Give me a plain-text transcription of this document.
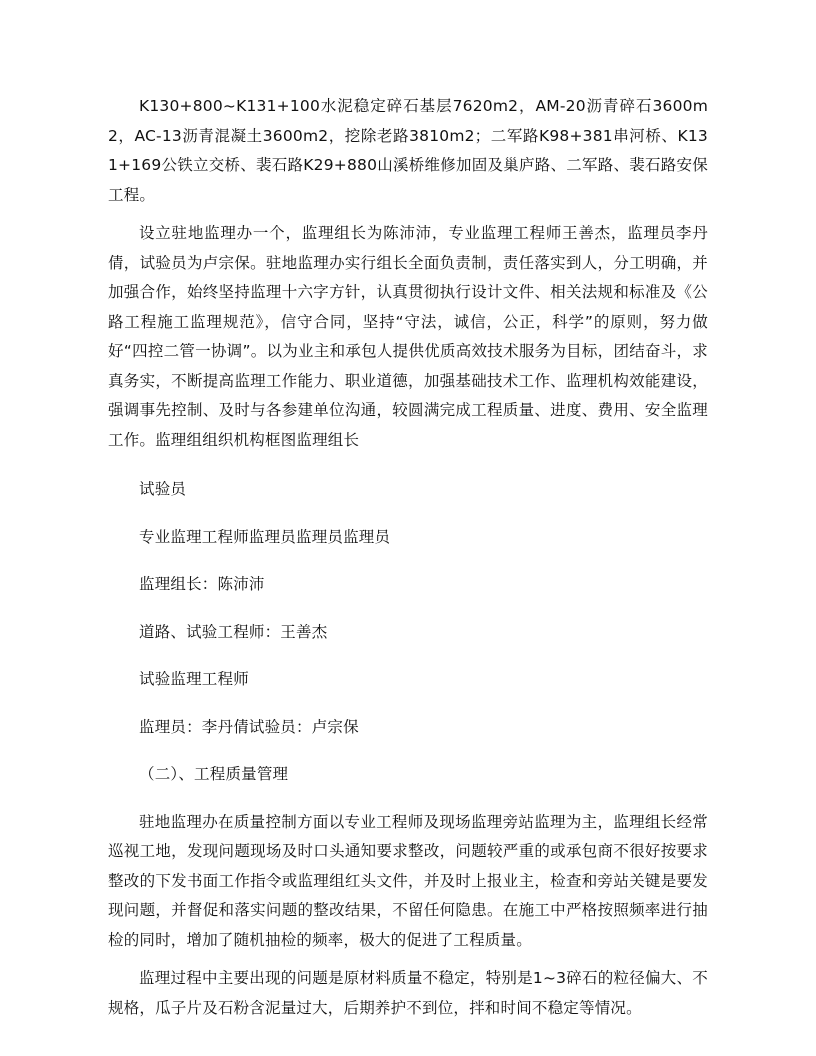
K130+800~K131+100水泥稳定碎石基层7620m2，AM-20沥青碎石3600m2，AC-13沥青混凝土3600m2，挖除老路3810m2；二军路K98+381串河桥、K131+169公铁立交桥、裴石路K29+880山溪桥维修加固及巢庐路、二军路、裴石路安保工程。

设立驻地监理办一个，监理组长为陈沛沛，专业监理工程师王善杰，监理员李丹倩，试验员为卢宗保。驻地监理办实行组长全面负责制，责任落实到人，分工明确，并加强合作，始终坚持监理十六字方针，认真贯彻执行设计文件、相关法规和标准及《公路工程施工监理规范》，信守合同，坚持“守法，诚信，公正，科学”的原则，努力做好“四控二管一协调”。以为业主和承包人提供优质高效技术服务为目标，团结奋斗，求真务实，不断提高监理工作能力、职业道德，加强基础技术工作、监理机构效能建设，强调事先控制、及时与各参建单位沟通，较圆满完成工程质量、进度、费用、安全监理工作。监理组组织机构框图监理组长

试验员

专业监理工程师监理员监理员监理员

监理组长：陈沛沛

道路、试验工程师：王善杰

试验监理工程师

监理员：李丹倩试验员：卢宗保

（二）、工程质量管理

驻地监理办在质量控制方面以专业工程师及现场监理旁站监理为主，监理组长经常巡视工地，发现问题现场及时口头通知要求整改，问题较严重的或承包商不很好按要求整改的下发书面工作指令或监理组红头文件，并及时上报业主，检查和旁站关键是要发现问题，并督促和落实问题的整改结果，不留任何隐患。在施工中严格按照频率进行抽检的同时，增加了随机抽检的频率，极大的促进了工程质量。

监理过程中主要出现的问题是原材料质量不稳定，特别是1~3碎石的粒径偏大、不规格，瓜子片及石粉含泥量过大，后期养护不到位，拌和时间不稳定等情况。
